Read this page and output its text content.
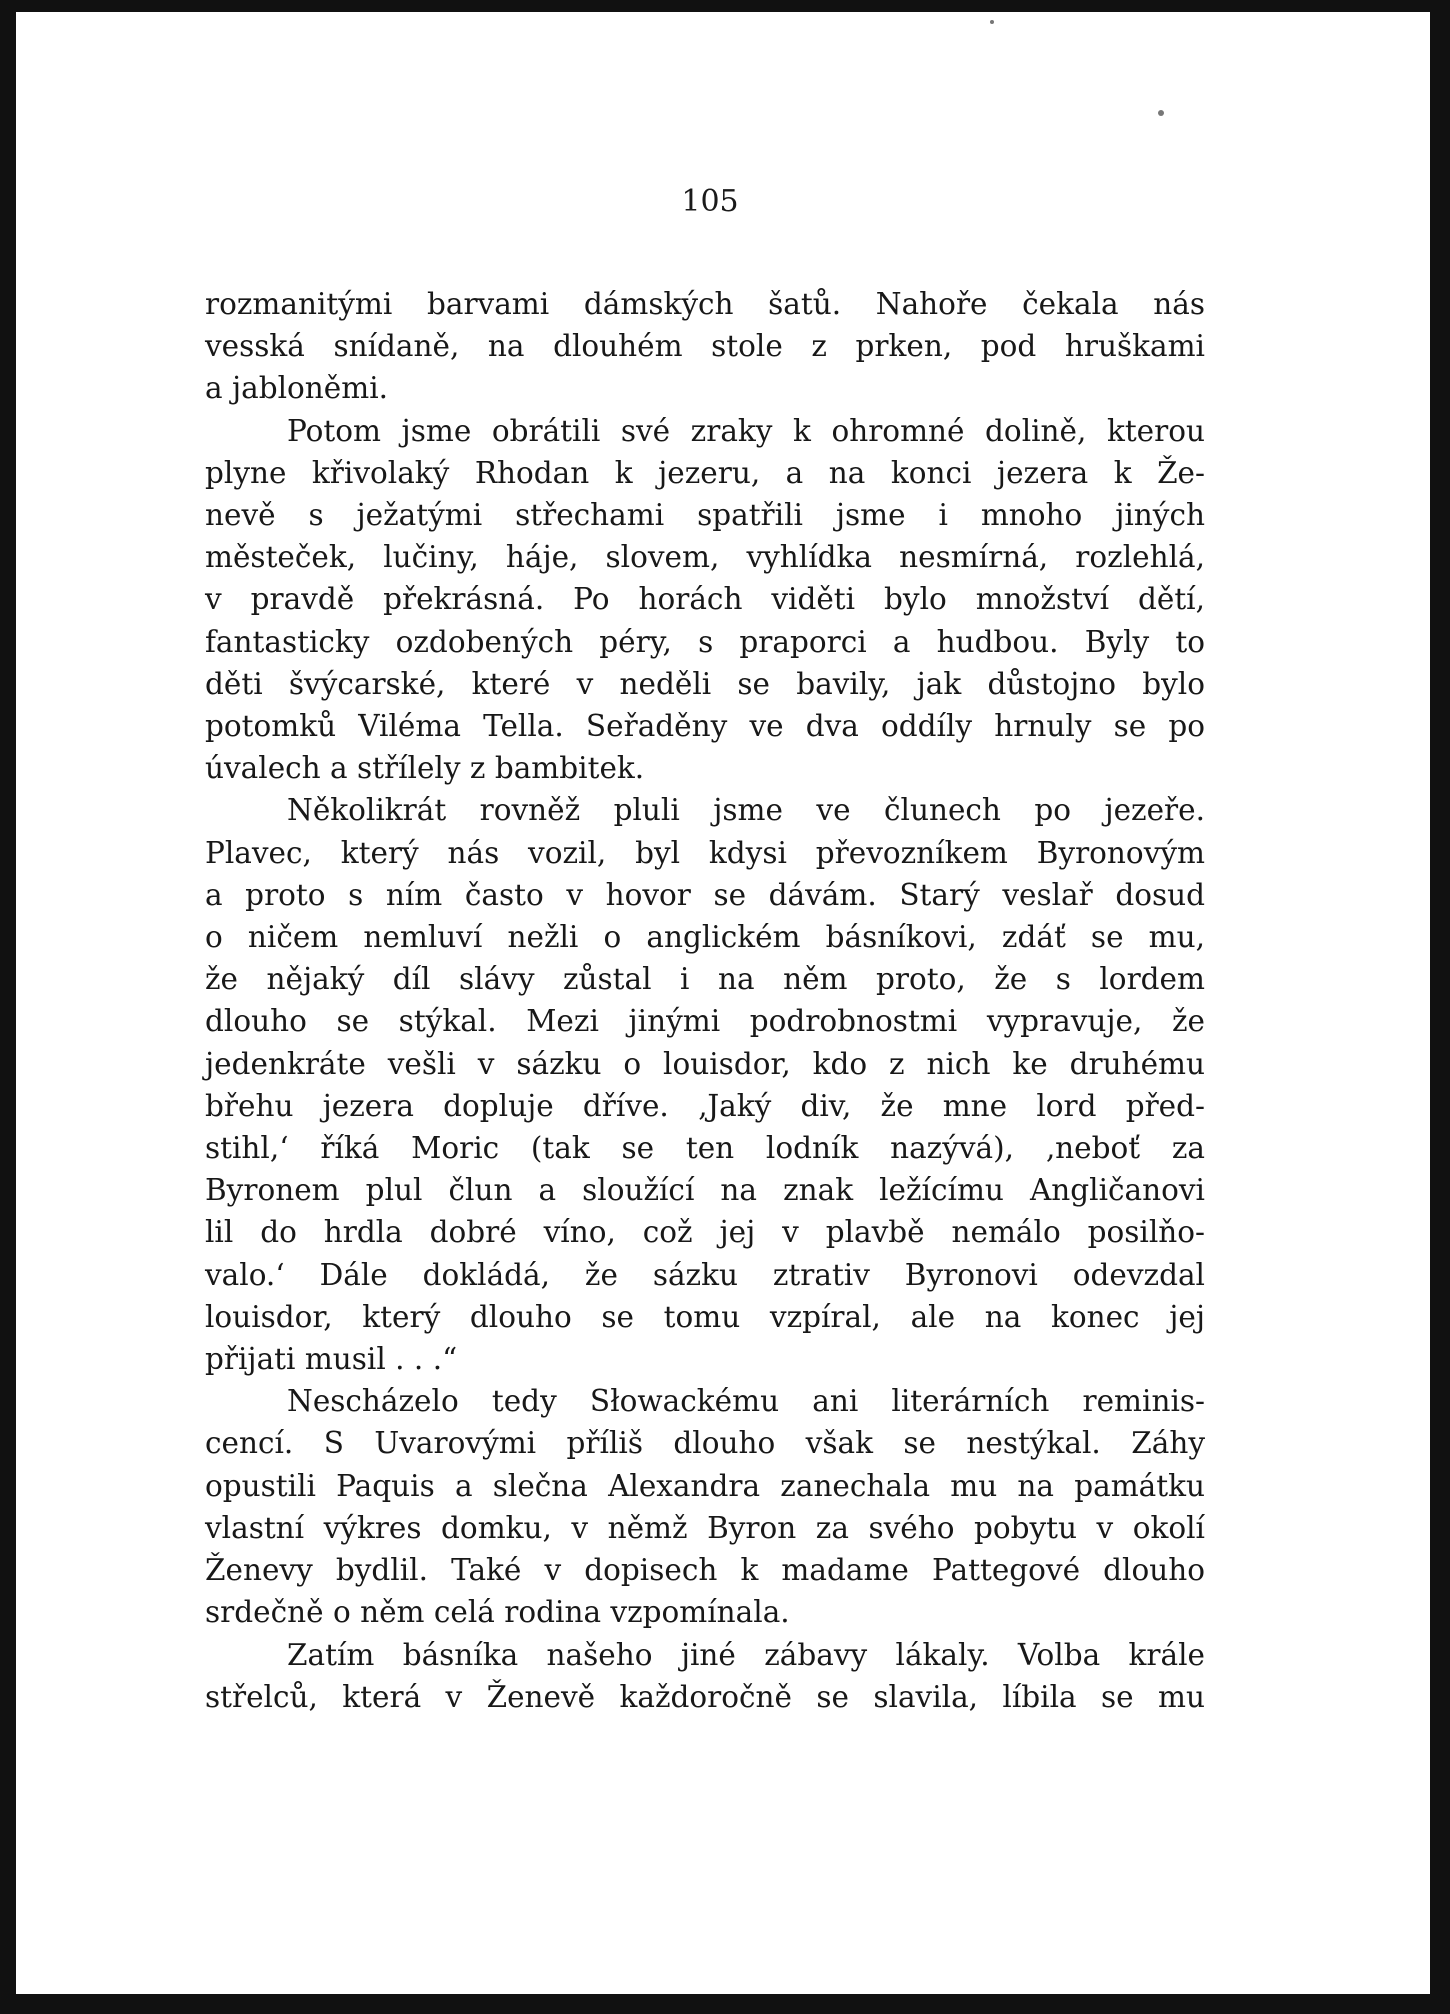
105

rozmanitými barvami dámských šatů. Nahoře čekala nás
vesská snídaně, na dlouhém stole z prken, pod hruškami
a jabloněmi.
Potom jsme obrátili své zraky k ohromné dolině, kterou
plyne křivolaký Rhodan k jezeru, a na konci jezera k Že-
nevě s ježatými střechami spatřili jsme i mnoho jiných
městeček, lučiny, háje, slovem, vyhlídka nesmírná, rozlehlá,
v pravdě překrásná. Po horách viděti bylo množství dětí,
fantasticky ozdobených péry, s praporci a hudbou. Byly to
děti švýcarské, které v neděli se bavily, jak důstojno bylo
potomků Viléma Tella. Seřaděny ve dva oddíly hrnuly se po
úvalech a střílely z bambitek.
Několikrát rovněž pluli jsme ve člunech po jezeře.
Plavec, který nás vozil, byl kdysi převozníkem Byronovým
a proto s ním často v hovor se dávám. Starý veslař dosud
o ničem nemluví nežli o anglickém básníkovi, zdáť se mu,
že nějaký díl slávy zůstal i na něm proto, že s lordem
dlouho se stýkal. Mezi jinými podrobnostmi vypravuje, že
jedenkráte vešli v sázku o louisdor, kdo z nich ke druhému
břehu jezera dopluje dříve. ‚Jaký div, že mne lord před-
stihl,‘ říká Moric (tak se ten lodník nazývá), ‚neboť za
Byronem plul člun a sloužící na znak ležícímu Angličanovi
lil do hrdla dobré víno, což jej v plavbě nemálo posilňo-
valo.‘ Dále dokládá, že sázku ztrativ Byronovi odevzdal
louisdor, který dlouho se tomu vzpíral, ale na konec jej
přijati musil . . .“
Nescházelo tedy Słowackému ani literárních reminis-
cencí. S Uvarovými příliš dlouho však se nestýkal. Záhy
opustili Paquis a slečna Alexandra zanechala mu na památku
vlastní výkres domku, v němž Byron za svého pobytu v okolí
Ženevy bydlil. Také v dopisech k madame Pattegové dlouho
srdečně o něm celá rodina vzpomínala.
Zatím básníka našeho jiné zábavy lákaly. Volba krále
střelců, která v Ženevě každoročně se slavila, líbila se mu
